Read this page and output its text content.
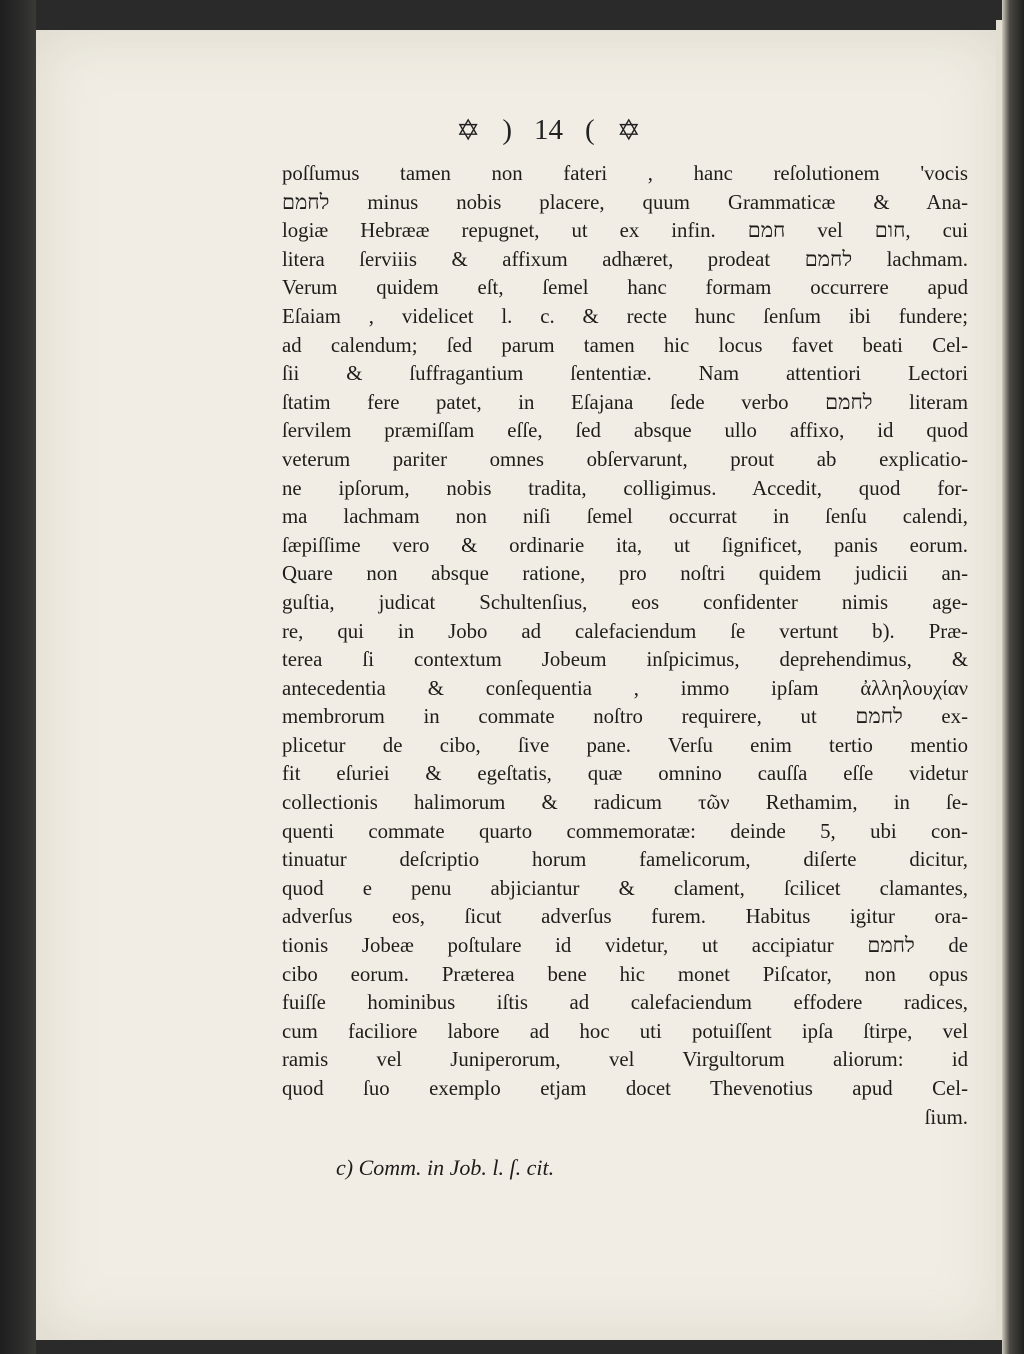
✡ ) 14 ( ✡
poſſumus tamen non fateri , hanc reſolutionem 'vocis
לחמם minus nobis placere, quum Grammaticæ & Ana-
logiæ Hebrææ repugnet, ut ex infin. חמם vel חום, cui
litera ſerviiis & affixum adhæret, prodeat לחמם lachmam.
Verum quidem eſt, ſemel hanc formam occurrere apud
Eſaiam , videlicet l. c. & recte hunc ſenſum ibi fundere;
ad calendum; ſed parum tamen hic locus favet beati Cel-
ſii & ſuffragantium ſententiæ. Nam attentiori Lectori
ſtatim fere patet, in Eſajana ſede verbo לחמם literam
ſervilem præmiſſam eſſe, ſed absque ullo affixo, id quod
veterum pariter omnes obſervarunt, prout ab explicatio-
ne ipſorum, nobis tradita, colligimus. Accedit, quod for-
ma lachmam non niſi ſemel occurrat in ſenſu calendi,
ſæpiſſime vero & ordinarie ita, ut ſignificet, panis eorum.
Quare non absque ratione, pro noſtri quidem judicii an-
guſtia, judicat Schultenſius, eos confidenter nimis age-
re, qui in Jobo ad calefaciendum ſe vertunt b). Præ-
terea ſi contextum Jobeum inſpicimus, deprehendimus, &
antecedentia & conſequentia , immo ipſam ἀλληλουχίαν
membrorum in commate noſtro requirere, ut לחמם ex-
plicetur de cibo, ſive pane. Verſu enim tertio mentio
fit eſuriei & egeſtatis, quæ omnino cauſſa eſſe videtur
collectionis halimorum & radicum τῶν Rethamim, in ſe-
quenti commate quarto commemoratæ: deinde 5, ubi con-
tinuatur deſcriptio horum famelicorum, diſerte dicitur,
quod e penu abjiciantur & clament, ſcilicet clamantes,
adverſus eos, ſicut adverſus furem. Habitus igitur ora-
tionis Jobeæ poſtulare id videtur, ut accipiatur לחמם de
cibo eorum. Præterea bene hic monet Piſcator, non opus
fuiſſe hominibus iſtis ad calefaciendum effodere radices,
cum faciliore labore ad hoc uti potuiſſent ipſa ſtirpe, vel
ramis vel Juniperorum, vel Virgultorum aliorum: id
quod ſuo exemplo etjam docet Thevenotius apud Cel-
ſium.
c) Comm. in Job. l. ſ. cit.
